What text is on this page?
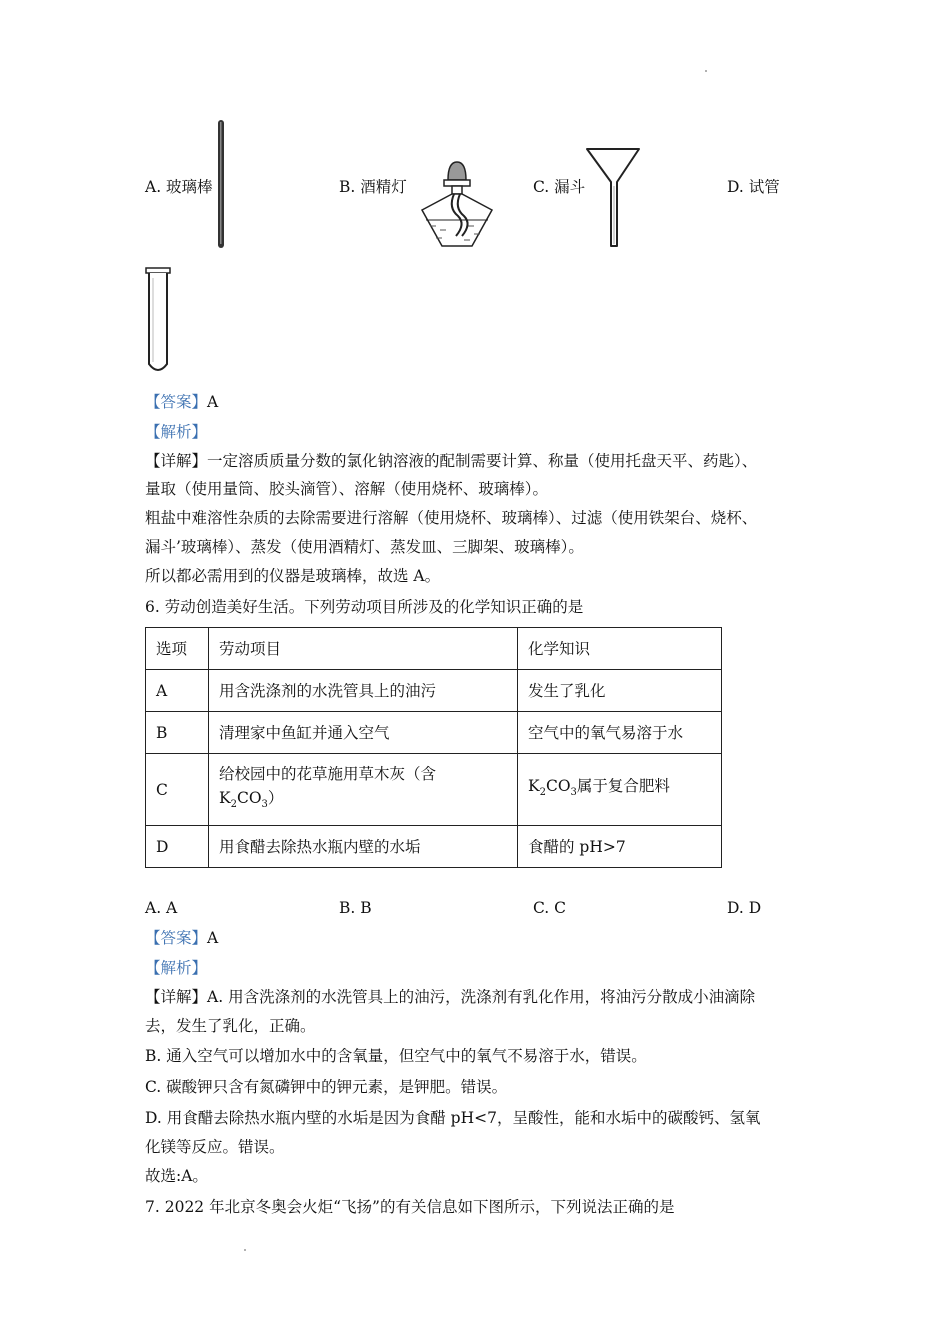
A. 玻璃棒	B. 酒精灯	C. 漏斗	D. 试管
【答案】A
【解析】
【详解】一定溶质质量分数的氯化钠溶液的配制需要计算、称量（使用托盘天平、药匙）、
量取（使用量筒、胶头滴管）、溶解（使用烧杯、玻璃棒）。
粗盐中难溶性杂质的去除需要进行溶解（使用烧杯、玻璃棒）、过滤（使用铁架台、烧杯、
漏斗’玻璃棒）、蒸发（使用酒精灯、蒸发皿、三脚架、玻璃棒）。
所以都必需用到的仪器是玻璃棒，故选 A。
6. 劳动创造美好生活。下列劳动项目所涉及的化学知识正确的是
选项	劳动项目	化学知识
A	用含洗涤剂的水洗管具上的油污	发生了乳化
B	清理家中鱼缸并通入空气	空气中的氧气易溶于水
C	给校园中的花草施用草木灰（含
$K_2CO_3$）	$K_2CO_3$属于复合肥料
D	用食醋去除热水瓶内壁的水垢	食醋的 pH>7
A. A	B. B	C. C	D. D
【答案】A
【解析】
【详解】A. 用含洗涤剂的水洗管具上的油污，洗涤剂有乳化作用，将油污分散成小油滴除
去，发生了乳化，正确。
B. 通入空气可以增加水中的含氧量，但空气中的氧气不易溶于水，错误。
C. 碳酸钾只含有氮磷钾中的钾元素，是钾肥。错误。
D. 用食醋去除热水瓶内壁的水垢是因为食醋 pH<7，呈酸性，能和水垢中的碳酸钙、氢氧
化镁等反应。错误。
故选:A。
7. 2022 年北京冬奥会火炬“飞扬”的有关信息如下图所示，下列说法正确的是
